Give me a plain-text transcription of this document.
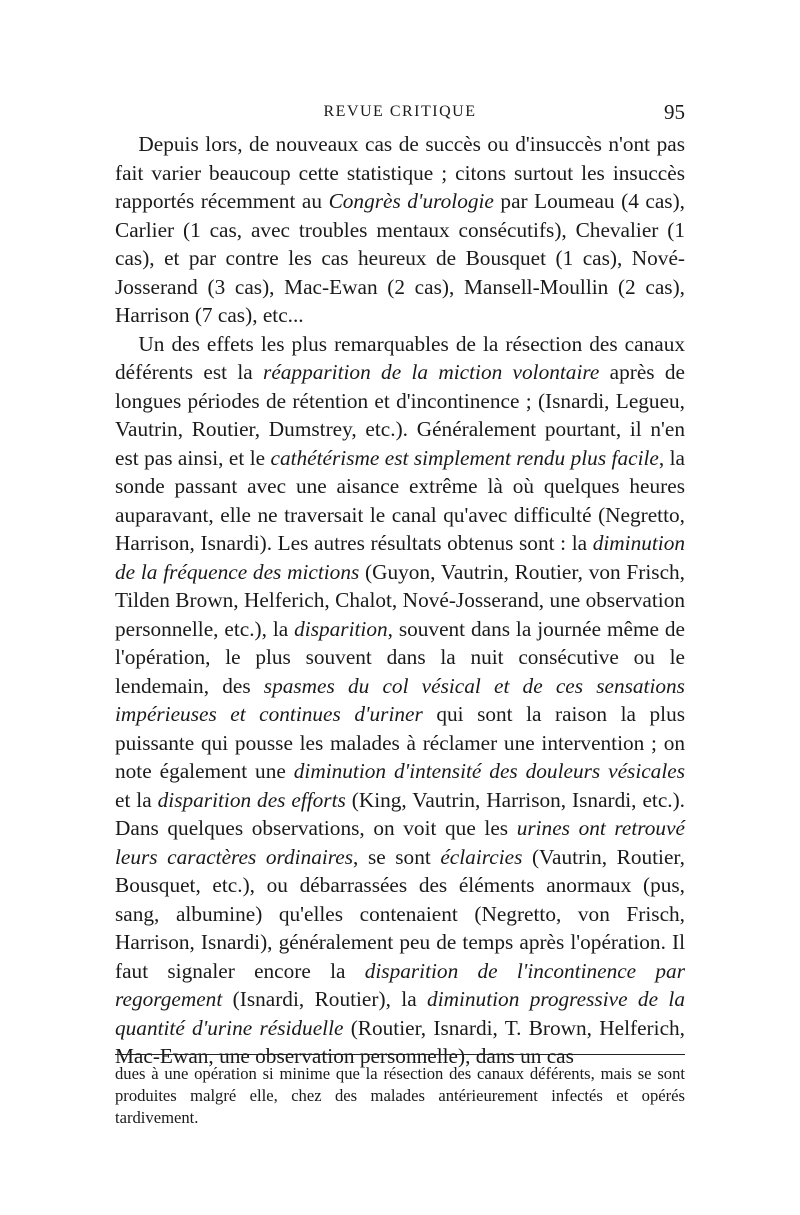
REVUE CRITIQUE	95

Depuis lors, de nouveaux cas de succès ou d'insuccès n'ont pas fait varier beaucoup cette statistique ; citons surtout les insuccès rapportés récemment au Congrès d'urologie par Loumeau (4 cas), Carlier (1 cas, avec troubles mentaux consécutifs), Chevalier (1 cas), et par contre les cas heureux de Bousquet (1 cas), Nové-Josserand (3 cas), Mac-Ewan (2 cas), Mansell-Moullin (2 cas), Harrison (7 cas), etc...

Un des effets les plus remarquables de la résection des canaux déférents est la réapparition de la miction volontaire après de longues périodes de rétention et d'incontinence ; (Isnardi, Legueu, Vautrin, Routier, Dumstrey, etc.). Généralement pourtant, il n'en est pas ainsi, et le cathétérisme est simplement rendu plus facile, la sonde passant avec une aisance extrême là où quelques heures auparavant, elle ne traversait le canal qu'avec difficulté (Negretto, Harrison, Isnardi). Les autres résultats obtenus sont : la diminution de la fréquence des mictions (Guyon, Vautrin, Routier, von Frisch, Tilden Brown, Helferich, Chalot, Nové-Josserand, une observation personnelle, etc.), la disparition, souvent dans la journée même de l'opération, le plus souvent dans la nuit consécutive ou le lendemain, des spasmes du col vésical et de ces sensations impérieuses et continues d'uriner qui sont la raison la plus puissante qui pousse les malades à réclamer une intervention ; on note également une diminution d'intensité des douleurs vésicales et la disparition des efforts (King, Vautrin, Harrison, Isnardi, etc.). Dans quelques observations, on voit que les urines ont retrouvé leurs caractères ordinaires, se sont éclaircies (Vautrin, Routier, Bousquet, etc.), ou débarrassées des éléments anormaux (pus, sang, albumine) qu'elles contenaient (Negretto, von Frisch, Harrison, Isnardi), généralement peu de temps après l'opération. Il faut signaler encore la disparition de l'incontinence par regorgement (Isnardi, Routier), la diminution progressive de la quantité d'urine résiduelle (Routier, Isnardi, T. Brown, Helferich, Mac-Ewan, une observation personnelle), dans un cas

dues à une opération si minime que la résection des canaux déférents, mais se sont produites malgré elle, chez des malades antérieurement infectés et opérés tardivement.
